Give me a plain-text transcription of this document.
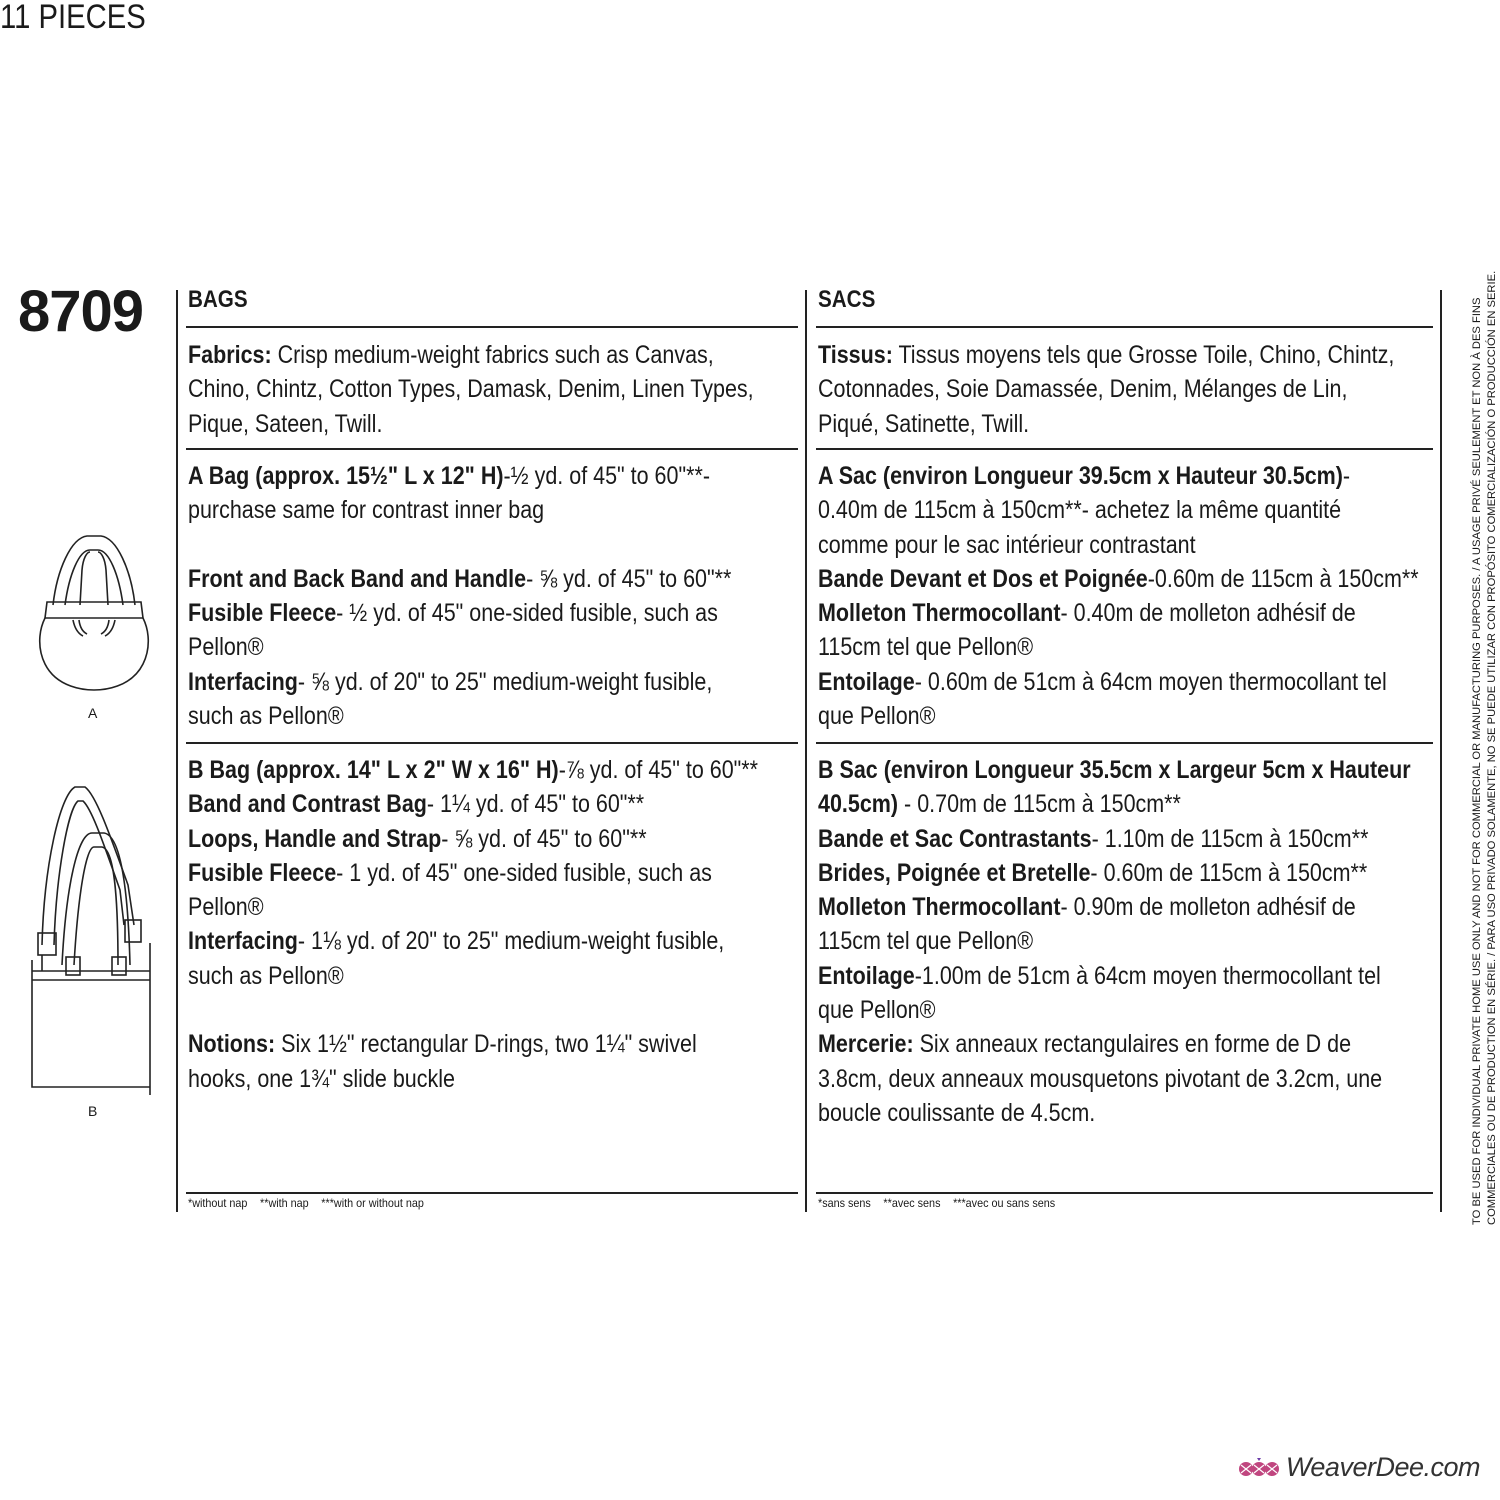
8709
11 PIECES
A
B
BAGS
Fabrics: Crisp medium-weight fabrics such as Canvas,
Chino, Chintz, Cotton Types, Damask, Denim, Linen Types,
Pique, Sateen, Twill.
A Bag (approx. 15½" L x 12" H)-½ yd. of 45" to 60"**-
purchase same for contrast inner bag

Front and Back Band and Handle- ⅝ yd. of 45" to 60"**
Fusible Fleece- ½ yd. of 45" one-sided fusible, such as
Pellon®
Interfacing- ⅝ yd. of 20" to 25" medium-weight fusible,
such as Pellon®
B Bag (approx. 14" L x 2" W x 16" H)-⅞ yd. of 45" to 60"**
Band and Contrast Bag- 1¼ yd. of 45" to 60"**
Loops, Handle and Strap- ⅝ yd. of 45" to 60"**
Fusible Fleece- 1 yd. of 45" one-sided fusible, such as
Pellon®
Interfacing- 1⅛ yd. of 20" to 25" medium-weight fusible,
such as Pellon®

Notions: Six 1½" rectangular D-rings, two 1¼" swivel
hooks, one 1¾" slide buckle
*without nap **with nap ***with or without nap
SACS
Tissus: Tissus moyens tels que Grosse Toile, Chino, Chintz,
Cotonnades, Soie Damassée, Denim, Mélanges de Lin,
Piqué, Satinette, Twill.
A Sac (environ Longueur 39.5cm x Hauteur 30.5cm)-
0.40m de 115cm à 150cm**- achetez la même quantité
comme pour le sac intérieur contrastant
Bande Devant et Dos et Poignée-0.60m de 115cm à 150cm**
Molleton Thermocollant- 0.40m de molleton adhésif de
115cm tel que Pellon®
Entoilage- 0.60m de 51cm à 64cm moyen thermocollant tel
que Pellon®
B Sac (environ Longueur 35.5cm x Largeur 5cm x Hauteur
40.5cm) - 0.70m de 115cm à 150cm**
Bande et Sac Contrastants- 1.10m de 115cm à 150cm**
Brides, Poignée et Bretelle- 0.60m de 115cm à 150cm**
Molleton Thermocollant- 0.90m de molleton adhésif de
115cm tel que Pellon®
Entoilage-1.00m de 51cm à 64cm moyen thermocollant tel
que Pellon®
Mercerie: Six anneaux rectangulaires en forme de D de
3.8cm, deux anneaux mousquetons pivotant de 3.2cm, une
boucle coulissante de 4.5cm.
*sans sens **avec sens ***avec ou sans sens	TO BE USED FOR INDIVIDUAL PRIVATE HOME USE ONLY AND NOT FOR COMMERCIAL OR MANUFACTURING PURPOSES. / A USAGE PRIVÉ SEULEMENT ET NON À DES FINS COMMERCIALES OU DE PRODUCTION EN SÉRIE. / PARA USO PRIVADO SOLAMENTE, NO SE PUEDE UTILIZAR CON PROPÓSITO COMERCIALIZACIÓN O PRODUCCIÓN EN SERIE.
WeaverDee.com
